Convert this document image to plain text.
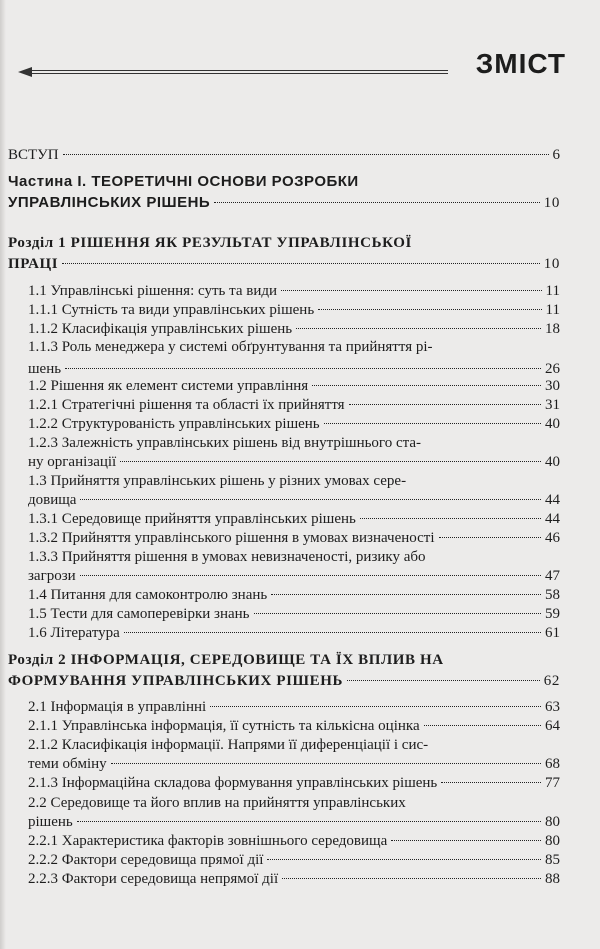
ЗМІСТ
ВСТУП	6
Частина І. ТЕОРЕТИЧНІ ОСНОВИ РОЗРОБКИ
УПРАВЛІНСЬКИХ РІШЕНЬ	10
Розділ 1 РІШЕННЯ ЯК РЕЗУЛЬТАТ УПРАВЛІНСЬКОЇ
ПРАЦІ	10
1.1 Управлінські рішення: суть та види	11
1.1.1 Сутність та види управлінських рішень	11
1.1.2 Класифікація управлінських рішень	18
1.1.3 Роль менеджера у системі обґрунтування та прийняття рі-
шень	26
1.2 Рішення як елемент системи управління	30
1.2.1 Стратегічні рішення та області їх прийняття	31
1.2.2 Структурованість управлінських рішень	40
1.2.3 Залежність управлінських рішень від внутрішнього ста-
ну організації	40
1.3 Прийняття управлінських рішень у різних умовах сере-
довища	44
1.3.1 Середовище прийняття управлінських рішень	44
1.3.2 Прийняття управлінського рішення в умовах визначеності	46
1.3.3 Прийняття рішення в умовах невизначеності, ризику або
загрози	47
1.4 Питання для самоконтролю знань	58
1.5 Тести для самоперевірки знань	59
1.6 Література	61
Розділ 2 ІНФОРМАЦІЯ, СЕРЕДОВИЩЕ ТА ЇХ ВПЛИВ НА
ФОРМУВАННЯ УПРАВЛІНСЬКИХ РІШЕНЬ	62
2.1 Інформація в управлінні	63
2.1.1 Управлінська інформація, її сутність та кількісна оцінка	64
2.1.2 Класифікація інформації. Напрями її диференціації і сис-
теми обміну	68
2.1.3 Інформаційна складова формування управлінських рішень	77
2.2 Середовище та його вплив на прийняття управлінських
рішень	80
2.2.1 Характеристика факторів зовнішнього середовища	80
2.2.2 Фактори середовища прямої дії	85
2.2.3 Фактори середовища непрямої дії	88
